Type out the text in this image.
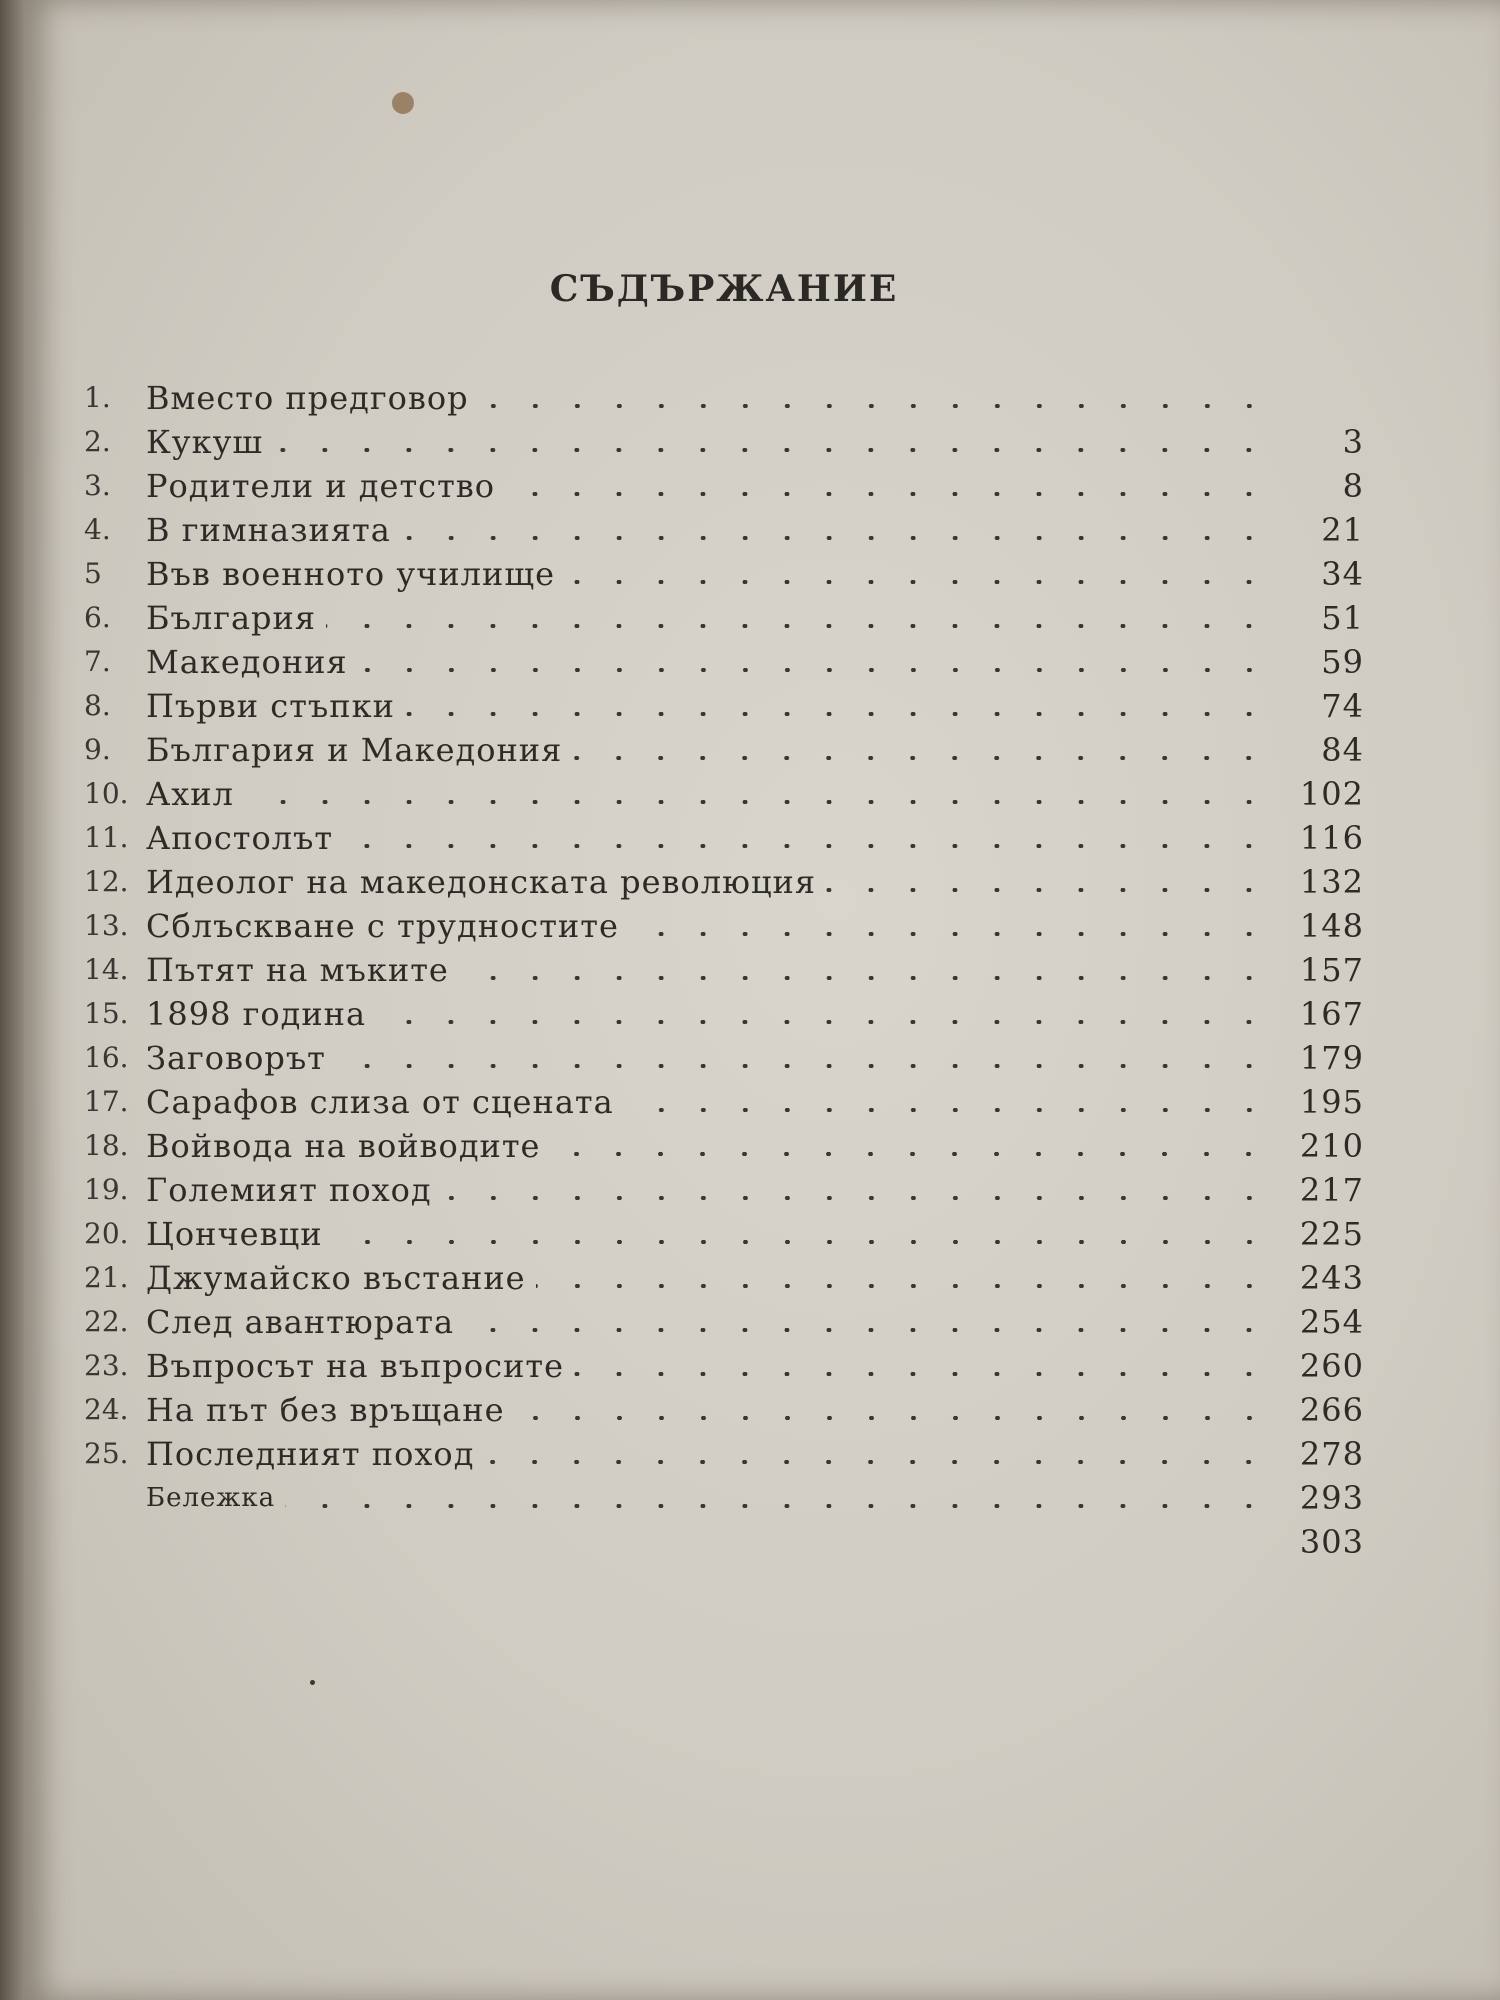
СЪДЪРЖАНИЕ
1.	Вместо предговор
2.	Кукуш	3
3.	Родители и детство	8
4.	В гимназията	21
5	Във военното училище	34
6.	България	51
7.	Македония	59
8.	Първи стъпки	74
9.	България и Македония	84
10. Ахил	102
11. Апостолът	116
12. Идеолог на македонската революция	132
13. Сблъскване с трудностите	148
14. Пътят на мъките	157
15. 1898 година	167
16. Заговорът	179
17. Сарафов слиза от сцената	195
18. Войвода на войводите	210
19. Големият поход	217
20. Цончевци	225
21. Джумайско въстание	243
22. След авантюрата	254
23. Въпросът на въпросите	260
24. На път без връщане	266
25. Последният поход	278
Бележка	293
303
